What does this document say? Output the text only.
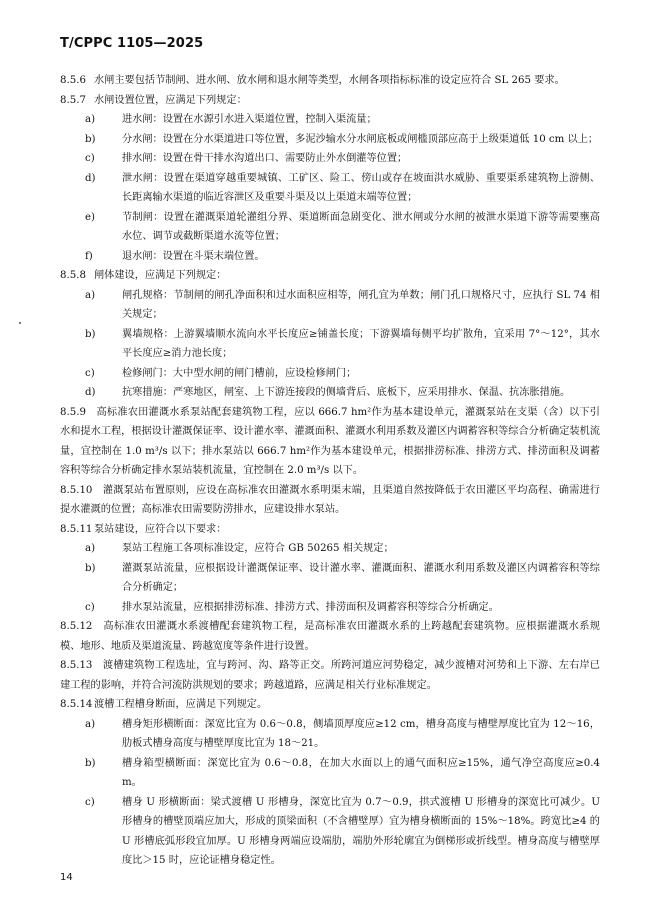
T/CPPC 1105—2025
8.5.6 水闸主要包括节制闸、进水闸、放水闸和退水闸等类型，水闸各项指标标准的设定应符合 SL 265 要求。
8.5.7 水闸设置位置，应满足下列规定：
a)	进水闸：设置在水源引水进入渠道位置，控制入渠流量；
b)	分水闸：设置在分水渠道进口等位置，多泥沙输水分水闸底板或闸槛顶部应高于上级渠道低 10 cm 以上；
c)	排水闸：设置在骨干排水沟道出口、需要防止外水倒灌等位置；
d)	泄水闸：设置在渠道穿越重要城镇、工矿区、险工、傍山或存在坡面洪水威胁、重要渠系建筑物上游侧、长距离输水渠道的临近容泄区及重要斗渠及以上渠道末端等位置；
e)	节制闸：设置在灌溉渠道轮灌组分界、渠道断面急剧变化、泄水闸或分水闸的被泄水渠道下游等需要壅高水位、调节或截断渠道水流等位置；
f)	退水闸：设置在斗渠末端位置。
8.5.8 闸体建设，应满足下列规定：
a)	闸孔规格：节制闸的闸孔净面积和过水面积应相等，闸孔宜为单数；闸门孔口规格尺寸，应执行 SL 74 相关规定；
b)	翼墙规格：上游翼墙顺水流向水平长度应≥铺盖长度；下游翼墙每侧平均扩散角，宜采用 7°～12°，其水平长度应≥消力池长度；
c)	检修闸门：大中型水闸的闸门槽前，应设检修闸门；
d)	抗寒措施：严寒地区，闸室、上下游连接段的侧墙背后、底板下，应采用排水、保温、抗冻胀措施。

8.5.9　高标准农田灌溉水系泵站配套建筑物工程，应以 666.7 hm²作为基本建设单元，灌溉泵站在支渠（含）以下引水和提水工程，根据设计灌溉保证率、设计灌水率、灌溉面积、灌溉水利用系数及灌区内调蓄容积等综合分析确定装机流量，宜控制在 1.0 m³/s 以下；排水泵站以 666.7 hm²作为基本建设单元，根据排涝标准、排涝方式、排涝面积及调蓄容积等综合分析确定排水泵站装机流量，宜控制在 2.0 m³/s 以下。

8.5.10　灌溉泵站布置原则，应设在高标准农田灌溉水系明渠末端，且渠道自然按降低于农田灌区平均高程、确需进行提水灌溉的位置；高标准农田需要防涝排水，应建设排水泵站。

8.5.11 泵站建设，应符合以下要求：
a)	泵站工程施工各项标准设定，应符合 GB 50265 相关规定；
b)	灌溉泵站流量，应根据设计灌溉保证率、设计灌水率、灌溉面积、灌溉水利用系数及灌区内调蓄容积等综合分析确定；
c)	排水泵站流量，应根据排涝标准、排涝方式、排涝面积及调蓄容积等综合分析确定。

8.5.12　高标准农田灌溉水系渡槽配套建筑物工程，是高标准农田灌溉水系的上跨越配套建筑物。应根据灌溉水系规模、地形、地质及渠道流量、跨越宽度等条件进行设置。

8.5.13　渡槽建筑物工程选址，宜与跨河、沟、路等正交。所跨河道应河势稳定，减少渡槽对河势和上下游、左右岸已建工程的影响，并符合河流防洪规划的要求；跨越道路，应满足相关行业标准规定。

8.5.14 渡槽工程槽身断面，应满足下列规定。
a)	槽身矩形横断面：深宽比宜为 0.6～0.8，侧墙顶厚度应≥12 cm，槽身高度与槽壁厚度比宜为 12～16，肋板式槽身高度与槽壁厚度比宜为 18～21。
b)	槽身箱型横断面：深宽比宜为 0.6～0.8，在加大水面以上的通气面积应≥15%，通气净空高度应≥0.4 m。
c)	槽身 U 形横断面：梁式渡槽 U 形槽身，深宽比宜为 0.7～0.9，拱式渡槽 U 形槽身的深宽比可减少。U 形槽身的槽壁顶端应加大，形成的顶梁面积（不含槽壁厚）宜为槽身横断面的 15%～18%。跨宽比≥4 的 U 形槽底弧形段宜加厚。U 形槽身两端应设端肋，端肋外形轮廓宜为倒梯形或折线型。槽身高度与槽壁厚度比＞15 时，应论证槽身稳定性。
14
